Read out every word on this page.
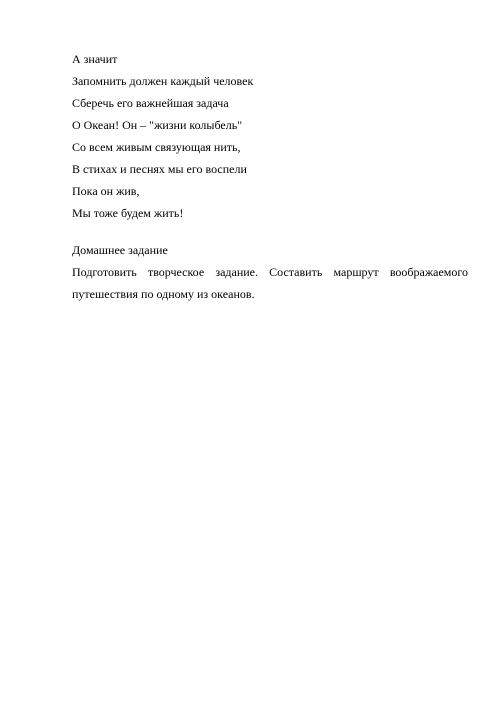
А значит
Запомнить должен каждый человек
Сберечь его важнейшая задача
О Океан! Он – "жизни колыбель"
Со всем живым связующая нить,
В стихах и песнях мы его воспели
Пока он жив,
Мы тоже будем жить!
Домашнее задание

Подготовить творческое задание. Составить маршрут воображаемого путешествия по одному из океанов.
